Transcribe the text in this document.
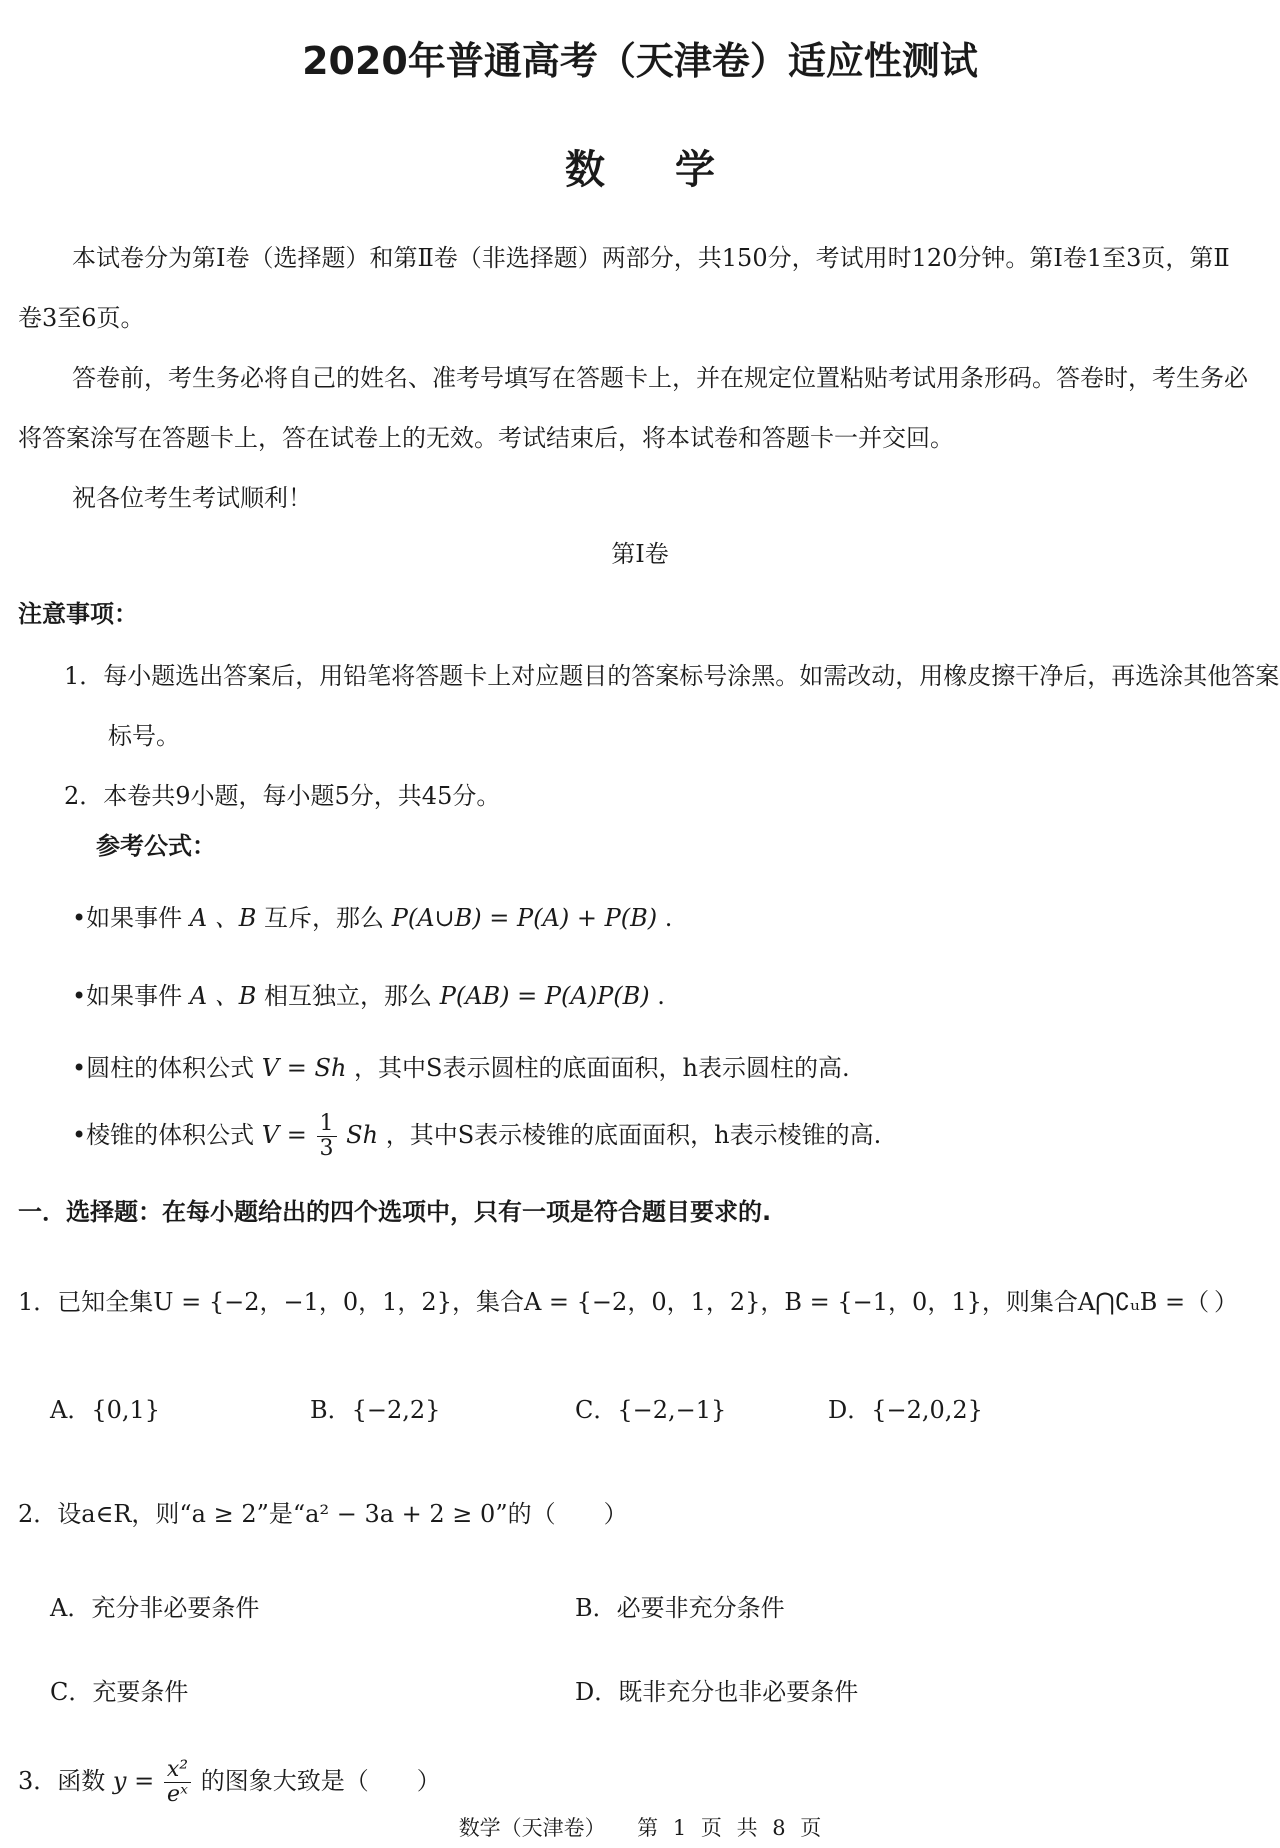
2020年普通高考（天津卷）适应性测试
数学

本试卷分为第Ⅰ卷（选择题）和第Ⅱ卷（非选择题）两部分，共150分，考试用时120分钟。第Ⅰ卷1至3页，第Ⅱ卷3至6页。

答卷前，考生务必将自己的姓名、准考号填写在答题卡上，并在规定位置粘贴考试用条形码。答卷时，考生务必将答案涂写在答题卡上，答在试卷上的无效。考试结束后，将本试卷和答题卡一并交回。

祝各位考生考试顺利！

第Ⅰ卷
注意事项：

1．每小题选出答案后，用铅笔将答题卡上对应题目的答案标号涂黑。如需改动，用橡皮擦干净后，再选涂其他答案标号。

2．本卷共9小题，每小题5分，共45分。

参考公式：
•如果事件 A 、B 互斥，那么 P(A∪B) = P(A) + P(B) .
•如果事件 A 、B 相互独立，那么 P(AB) = P(A)P(B) .
•圆柱的体积公式 V = Sh ，其中S表示圆柱的底面面积，h表示圆柱的高.
•棱锥的体积公式 $V = \frac{1}{3}$ Sh ，其中S表示棱锥的底面面积，h表示棱锥的高.
一．选择题：在每小题给出的四个选项中，只有一项是符合题目要求的.
1．已知全集U = {−2，−1，0，1，2}，集合A = {−2，0，1，2}，B = {−1，0，1}，则集合A⋂∁ᵤB =（ ）
A．{0,1}	B．{−2,2}	C．{−2,−1}	D．{−2,0,2}
2．设a∈R，则“a ≥ 2”是“a² − 3a + 2 ≥ 0”的（　　）
A．充分非必要条件	B．必要非充分条件
C．充要条件	D．既非充分也非必要条件
3．函数 $y = \frac{\text{x²}}{\text{eˣ}}$ 的图象大致是（　　）
数学（天津卷）　　第 1 页 共 8 页
